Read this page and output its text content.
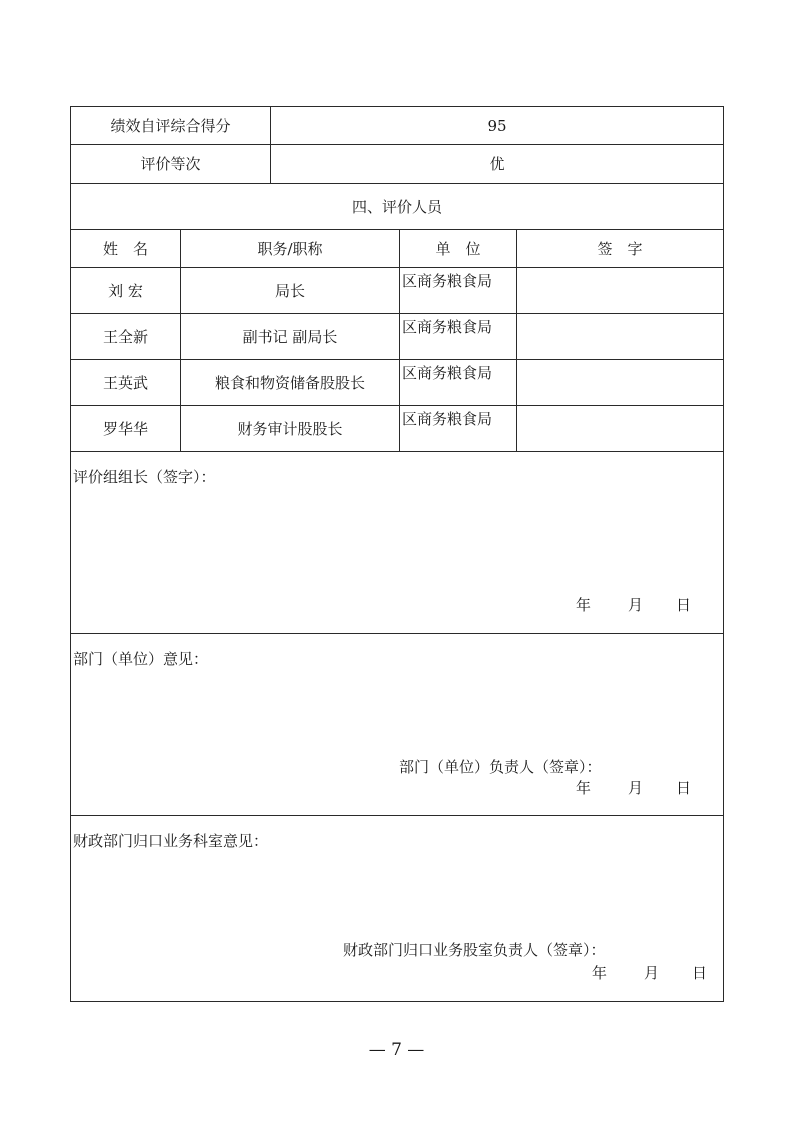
绩效自评综合得分		95		
评价等次		优		
四、评价人员				
姓　名	职务/职称		单　位	签　字
刘 宏	局长		区商务粮食局	
王全新	副书记 副局长		区商务粮食局	
王英武	粮食和物资储备股股长		区商务粮食局	
罗华华	财务审计股股长		区商务粮食局	

评价组组长（签字）：
年 月 日				

部门（单位）意见：
部门（单位）负责人（签章）：
年 月 日				

财政部门归口业务科室意见：
财政部门归口业务股室负责人（签章）：
年 月 日				
— 7 —
